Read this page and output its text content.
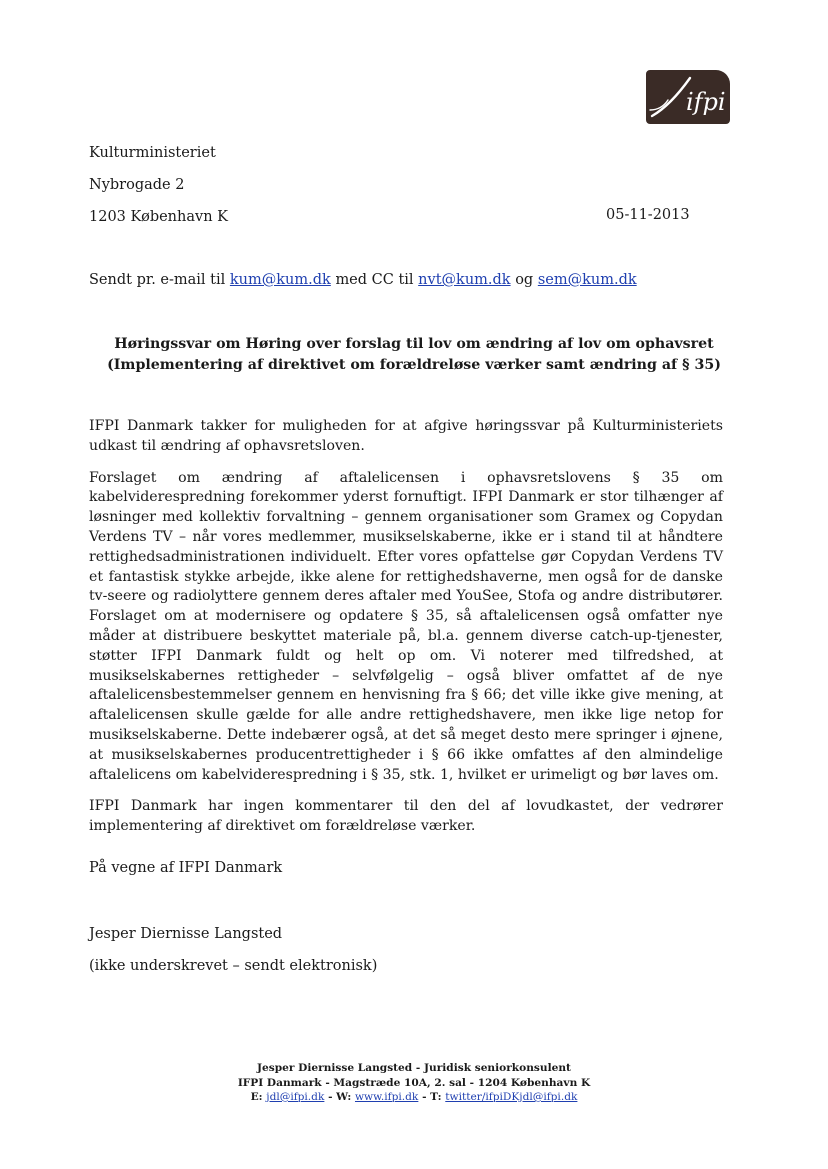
ifpi
Kulturministeriet
Nybrogade 2
1203 København K	05-11-2013
Sendt pr. e-mail til kum@kum.dk med CC til nvt@kum.dk og sem@kum.dk
Høringssvar om Høring over forslag til lov om ændring af lov om ophavsret
(Implementering af direktivet om forældreløse værker samt ændring af § 35)

IFPI Danmark takker for muligheden for at afgive høringssvar på Kulturministeriets udkast til ændring af ophavsretsloven.

Forslaget om ændring af aftalelicensen i ophavsretslovens § 35 om kabelviderespredning forekommer yderst fornuftigt. IFPI Danmark er stor tilhænger af løsninger med kollektiv forvaltning – gennem organisationer som Gramex og Copydan Verdens TV – når vores medlemmer, musikselskaberne, ikke er i stand til at håndtere rettighedsadministrationen individuelt. Efter vores opfattelse gør Copydan Verdens TV et fantastisk stykke arbejde, ikke alene for rettighedshaverne, men også for de danske tv-seere og radiolyttere gennem deres aftaler med YouSee, Stofa og andre distributører. Forslaget om at modernisere og opdatere § 35, så aftalelicensen også omfatter nye måder at distribuere beskyttet materiale på, bl.a. gennem diverse catch-up-tjenester, støtter IFPI Danmark fuldt og helt op om. Vi noterer med tilfredshed, at musikselskabernes rettigheder – selvfølgelig – også bliver omfattet af de nye aftalelicensbestemmelser gennem en henvisning fra § 66; det ville ikke give mening, at aftalelicensen skulle gælde for alle andre rettighedshavere, men ikke lige netop for musikselskaberne. Dette indebærer også, at det så meget desto mere springer i øjnene, at musikselskabernes producentrettigheder i § 66 ikke omfattes af den almindelige aftalelicens om kabelviderespredning i § 35, stk. 1, hvilket er urimeligt og bør laves om.

IFPI Danmark har ingen kommentarer til den del af lovudkastet, der vedrører implementering af direktivet om forældreløse værker.

På vegne af IFPI Danmark
Jesper Diernisse Langsted
(ikke underskrevet – sendt elektronisk)
Jesper Diernisse Langsted - Juridisk seniorkonsulent
IFPI Danmark - Magstræde 10A, 2. sal - 1204 København K
E: jdl@ifpi.dk - W: www.ifpi.dk - T: twitter/ifpiDKjdl@ifpi.dk
